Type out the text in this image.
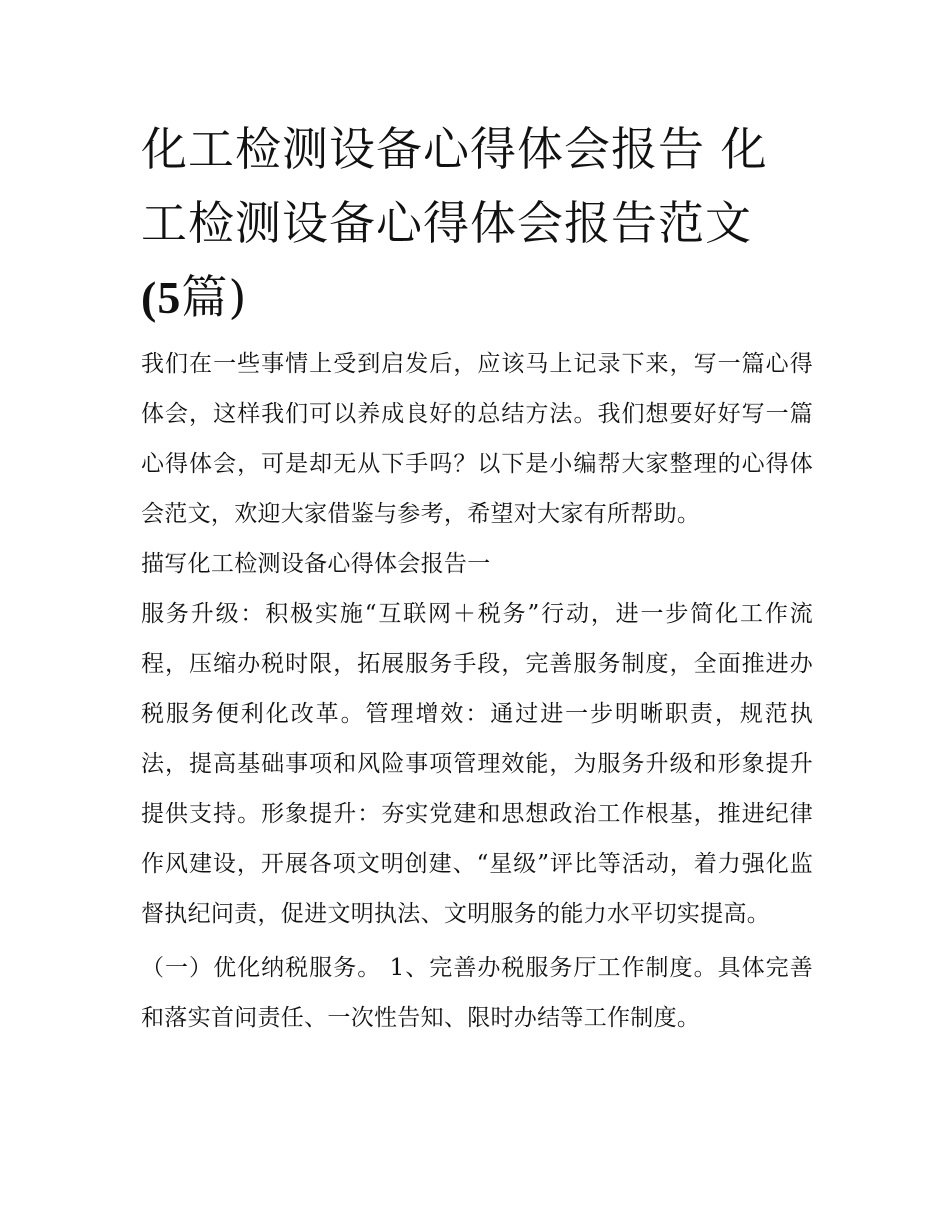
化工检测设备心得体会报告 化
工检测设备心得体会报告范文
(5篇)

我们在一些事情上受到启发后，应该马上记录下来，写一篇心得体会，这样我们可以养成良好的总结方法。我们想要好好写一篇心得体会，可是却无从下手吗？以下是小编帮大家整理的心得体会范文，欢迎大家借鉴与参考，希望对大家有所帮助。

描写化工检测设备心得体会报告一

服务升级：积极实施“互联网＋税务”行动，进一步简化工作流程，压缩办税时限，拓展服务手段，完善服务制度，全面推进办税服务便利化改革。管理增效：通过进一步明晰职责，规范执法，提高基础事项和风险事项管理效能，为服务升级和形象提升提供支持。形象提升：夯实党建和思想政治工作根基，推进纪律作风建设，开展各项文明创建、“星级”评比等活动，着力强化监督执纪问责，促进文明执法、文明服务的能力水平切实提高。

（一）优化纳税服务。 1、完善办税服务厅工作制度。具体完善和落实首问责任、一次性告知、限时办结等工作制度。
